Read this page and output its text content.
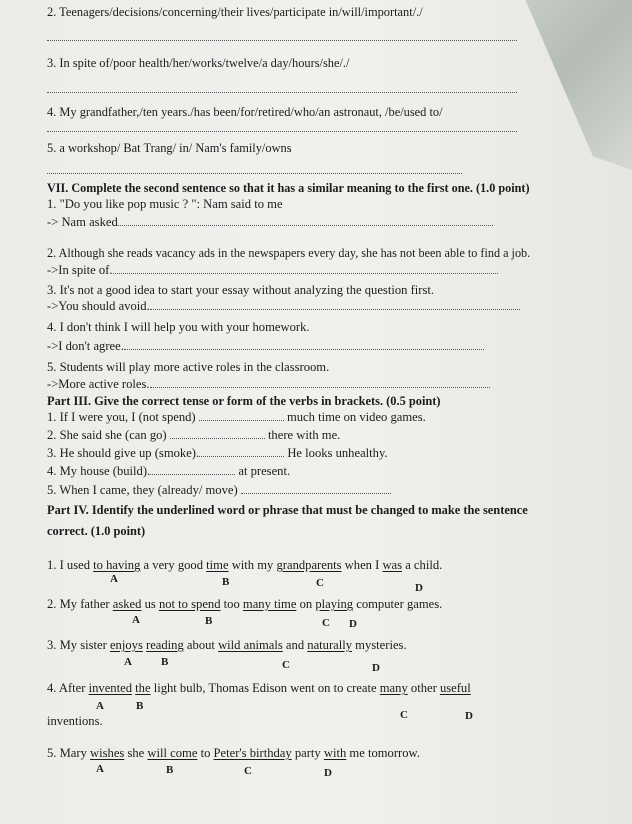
2. Teenagers/decisions/concerning/their lives/participate in/will/important/./
3. In spite of/poor health/her/works/twelve/a day/hours/she/./
4. My grandfather,/ten years./has been/for/retired/who/an astronaut, /be/used to/
5. a workshop/ Bat Trang/ in/ Nam's family/owns
VII. Complete the second sentence so that it has a similar meaning to the first one. (1.0 point)
1. "Do you like pop music ? ": Nam said to me
-> Nam asked
2. Although she reads vacancy ads in the newspapers every day, she has not been able to find a job.
->In spite of.
3. It's not a good idea to start your essay without analyzing the question first.
->You should avoid.
4. I don't think I will help you with your homework.
->I don't agree.
5. Students will play more active roles in the classroom.
->More active roles.
Part III. Give the correct tense or form of the verbs in brackets. (0.5 point)
1. If I were you, I (not spend)	much time on video games.
2. She said she (can go)	there with me.
3. He should give up (smoke).	He looks unhealthy.
4. My house (build).	at present.
5. When I came, they (already/ move)
Part IV. Identify the underlined word or phrase that must be changed to make the sentence
correct. (1.0 point)
1. I used to having a very good time with my grandparents when I was a child.
A	B	C	D
2. My father asked us not to spend too many time on playing computer games.
A	B	C D
3. My sister enjoys reading about wild animals and naturally mysteries.
A	B	C	D
4. After invented the light bulb, Thomas Edison went on to create many other useful
A	B
C	D
inventions.
5. Mary wishes she will come to Peter's birthday party with me tomorrow.
A	B	C	D
